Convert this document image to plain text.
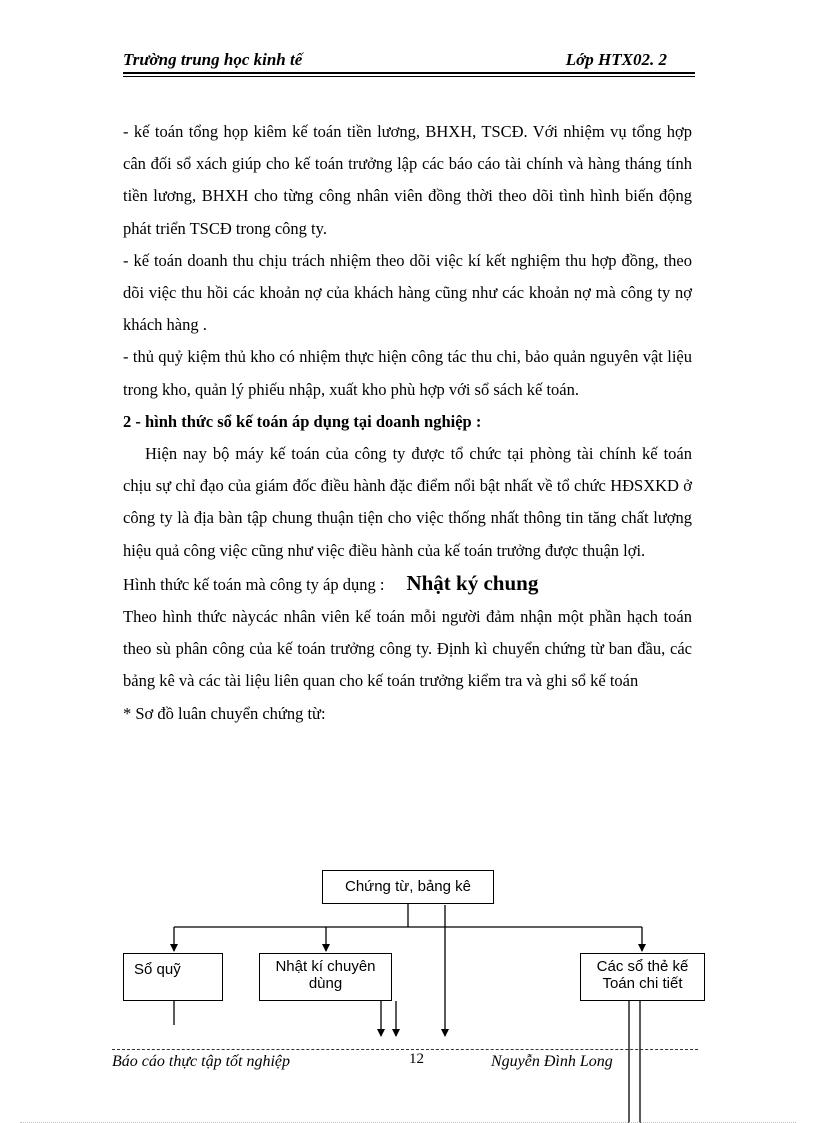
Trường trung học kinh tế	Lớp HTX02. 2

- kế toán tổng họp kiêm kế toán tiền lương, BHXH, TSCĐ. Với nhiệm vụ tổng hợp cân đối sổ xách giúp cho kế toán trưởng lập các báo cáo tài chính và hàng tháng tính tiền lương, BHXH cho từng công nhân viên đồng thời theo dõi tình hình biến động phát triển TSCĐ trong công ty.

- kế toán doanh thu chịu trách nhiệm theo dõi việc kí kết nghiệm thu hợp đồng, theo dõi việc thu hồi các khoản nợ của khách hàng cũng như các khoản nợ mà công ty nợ khách hàng .

- thủ quỷ kiệm thủ kho có nhiệm thực hiện công tác thu chi, bảo quản nguyên vật liệu trong kho, quản lý phiếu nhập, xuất kho phù hợp với sổ sách kế toán.

2 - hình thức sổ kế toán áp dụng tại doanh nghiệp :

Hiện nay bộ máy kế toán của công ty được tổ chức tại phòng tài chính kế toán chịu sự chỉ đạo của giám đốc điều hành đặc điểm nổi bật nhất về tổ chức HĐSXKD ở công ty là địa bàn tập chung thuận tiện cho việc thống nhất thông tin tăng chất lượng hiệu quả công việc cũng như việc điều hành của kế toán trưởng được thuận lợi.

Hình thức kế toán mà công ty áp dụng : Nhật ký chung

Theo hình thức nàycác nhân viên kế toán mỗi người đảm nhận một phần hạch toán theo sù phân công của kế toán trưởng công ty. Định kì chuyển chứng từ ban đầu, các bảng kê và các tài liệu liên quan cho kế toán trưởng kiểm tra và ghi sổ kế toán

* Sơ đồ luân chuyển chứng từ:

Chứng từ, bảng kê
Sổ quỹ	Nhật kí chuyên dùng
Các sổ thẻ kế Toán chi tiết
Báo cáo thực tập tốt nghiệp	12	Nguyễn Đình Long
